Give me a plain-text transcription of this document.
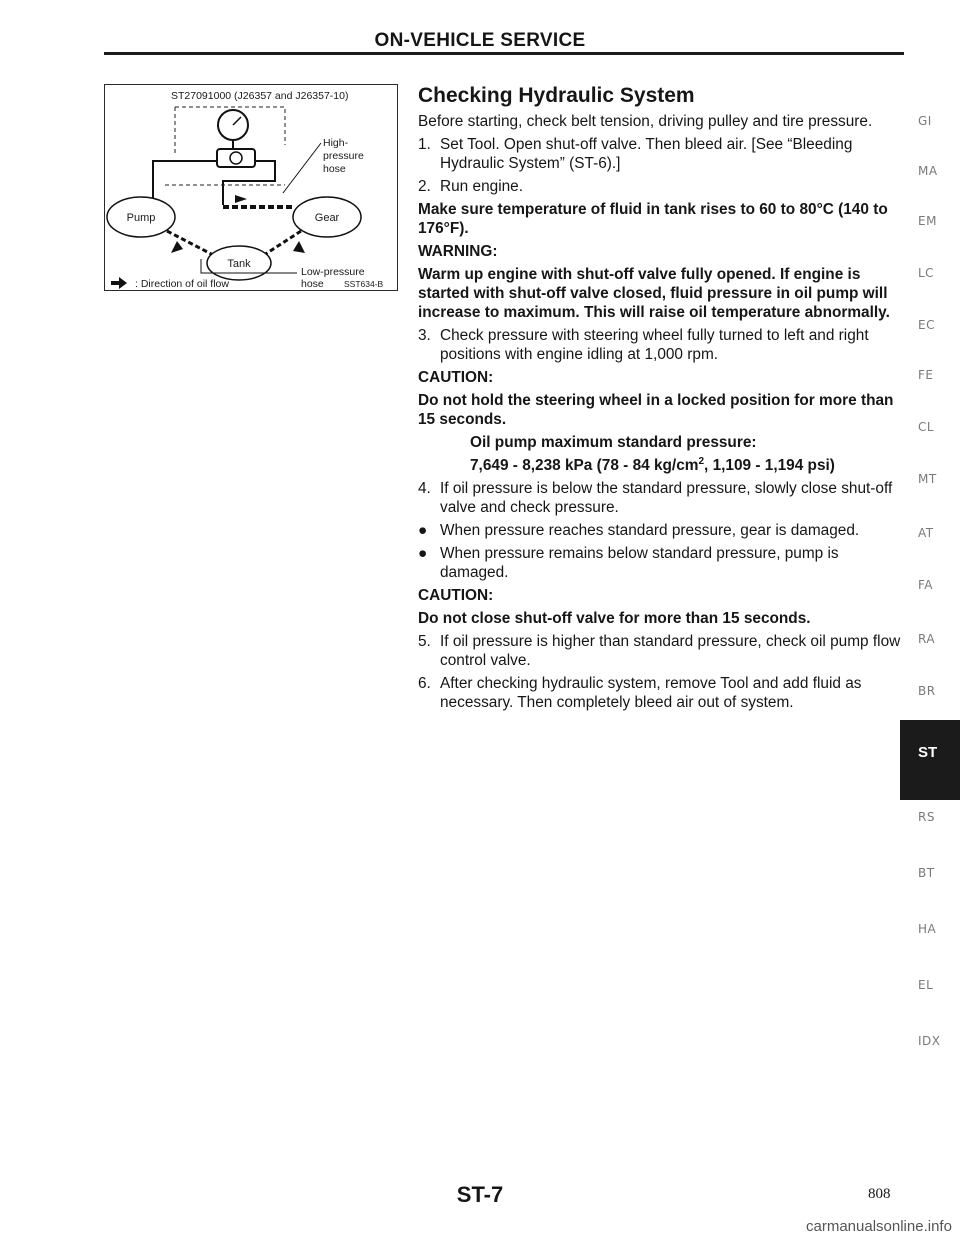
ON-VEHICLE SERVICE
ST27091000 (J26357 and J26357-10)
High-
pressure
hose
Pump	Gear
Tank
Low-pressure
hose SST634-B
: Direction of oil flow
Checking Hydraulic System
Before starting, check belt tension, driving pulley and tire pressure.
1. Set Tool. Open shut-off valve. Then bleed air. [See “Bleeding Hydraulic System” (ST-6).]
2. Run engine.
Make sure temperature of fluid in tank rises to 60 to 80°C (140 to 176°F).
WARNING:
Warm up engine with shut-off valve fully opened. If engine is started with shut-off valve closed, fluid pressure in oil pump will increase to maximum. This will raise oil temperature abnormally.
3. Check pressure with steering wheel fully turned to left and right positions with engine idling at 1,000 rpm.
CAUTION:
Do not hold the steering wheel in a locked position for more than 15 seconds.
Oil pump maximum standard pressure:
7,649 - 8,238 kPa (78 - 84 $kg/cm^2$, 1,109 - 1,194 psi)
4. If oil pressure is below the standard pressure, slowly close shut-off valve and check pressure.
● When pressure reaches standard pressure, gear is damaged.
● When pressure remains below standard pressure, pump is damaged.
CAUTION:
Do not close shut-off valve for more than 15 seconds.
5. If oil pressure is higher than standard pressure, check oil pump flow control valve.
6. After checking hydraulic system, remove Tool and add fluid as necessary. Then completely bleed air out of system.
GI
MA
EM
LC
EC
FE
CL
MT
AT
FA
RA
BR
ST
RS
BT
HA
EL
IDX
ST-7	808
carmanualsonline.info
